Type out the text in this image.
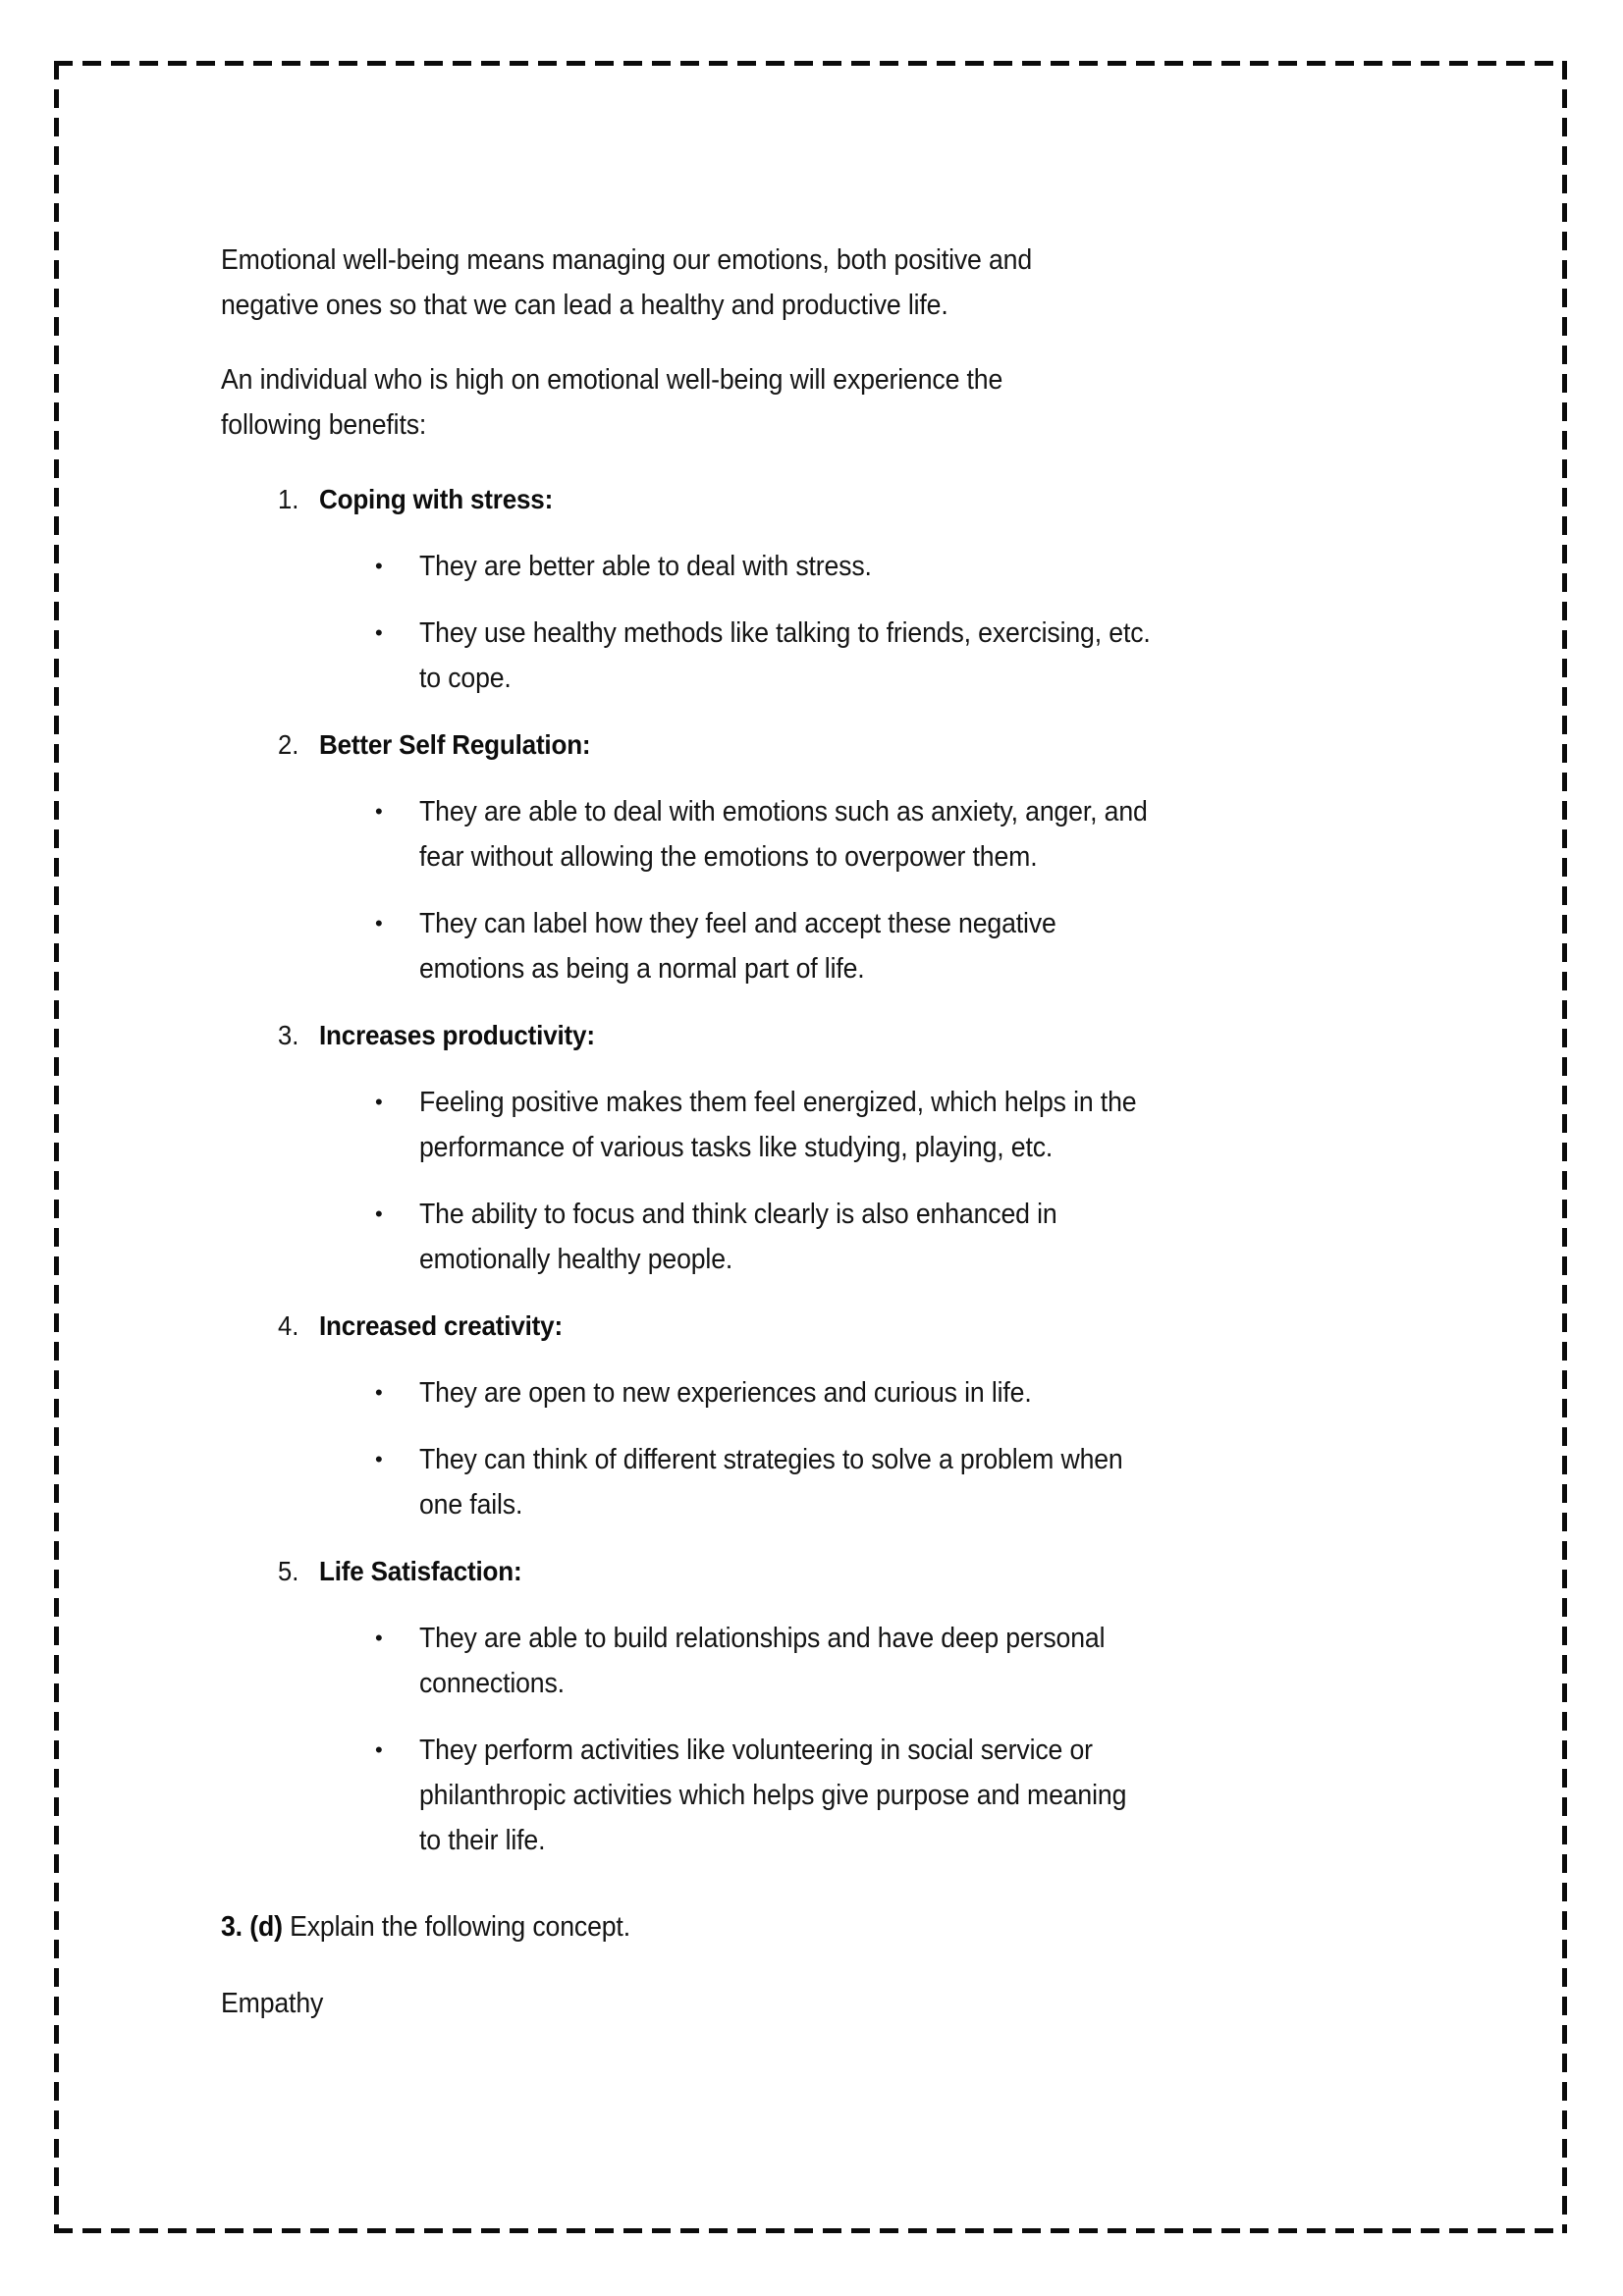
Emotional well-being means managing our emotions, both positive and negative ones so that we can lead a healthy and productive life.

An individual who is high on emotional well-being will experience the following benefits:

1. Coping with stress:
•	They are better able to deal with stress.
•	They use healthy methods like talking to friends, exercising, etc. to cope.
2. Better Self Regulation:
•	They are able to deal with emotions such as anxiety, anger, and fear without allowing the emotions to overpower them.
•	They can label how they feel and accept these negative emotions as being a normal part of life.
3. Increases productivity:
•	Feeling positive makes them feel energized, which helps in the performance of various tasks like studying, playing, etc.
•	The ability to focus and think clearly is also enhanced in emotionally healthy people.
4. Increased creativity:
•	They are open to new experiences and curious in life.
•	They can think of different strategies to solve a problem when one fails.
5. Life Satisfaction:
•	They are able to build relationships and have deep personal connections.
•	They perform activities like volunteering in social service or philanthropic activities which helps give purpose and meaning to their life.

3. (d) Explain the following concept.

Empathy
